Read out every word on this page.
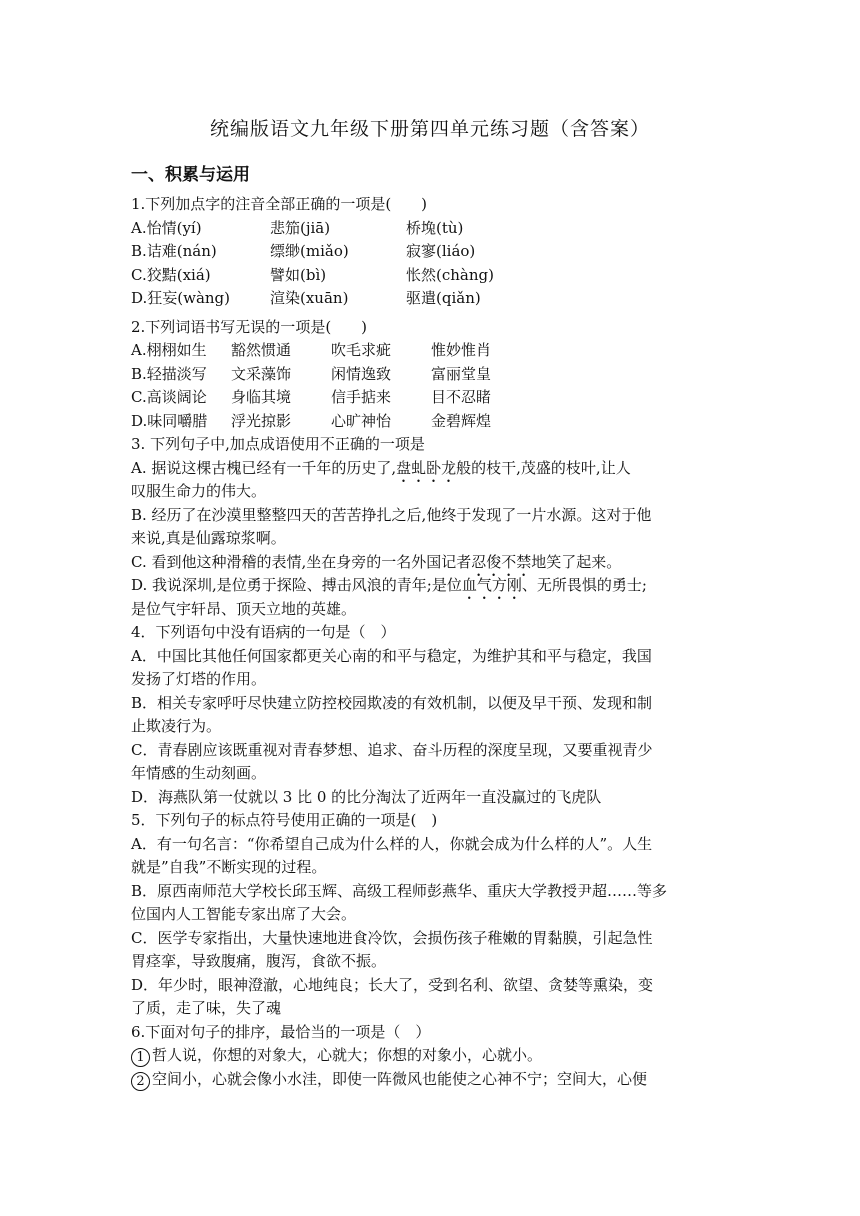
统编版语文九年级下册第四单元练习题（含答案）
一、积累与运用
1.下列加点字的注音全部正确的一项是(　　)
A.怡情(yí)	悲笳(jiā)	桥堍(tù)
B.诘难(nán)	缥缈(miǎo)	寂寥(liáo)
C.狡黠(xiá)	譬如(bì)	怅然(chàng)
D.狂妄(wàng)	渲染(xuān)	驱遣(qiǎn)
2.下列词语书写无误的一项是(　　)
A.栩栩如生	豁然惯通	吹毛求疵	惟妙惟肖
B.轻描淡写	文采藻饰	闲情逸致	富丽堂皇
C.高谈阔论	身临其境	信手掂来	目不忍睹
D.味同嚼腊	浮光掠影	心旷神怡	金碧辉煌
3. 下列句子中,加点成语使用不正确的一项是
A. 据说这棵古槐已经有一千年的历史了,盘虬卧龙般的枝干,茂盛的枝叶,让人
叹服生命力的伟大。
B. 经历了在沙漠里整整四天的苦苦挣扎之后,他终于发现了一片水源。这对于他
来说,真是仙露琼浆啊。
C. 看到他这种滑稽的表情,坐在身旁的一名外国记者忍俊不禁地笑了起来。
D. 我说深圳,是位勇于探险、搏击风浪的青年;是位血气方刚、无所畏惧的勇士;
是位气宇轩昂、顶天立地的英雄。
4．下列语句中没有语病的一句是（　）
A．中国比其他任何国家都更关心南的和平与稳定，为维护其和平与稳定，我国
发扬了灯塔的作用。
B．相关专家呼吁尽快建立防控校园欺凌的有效机制，以便及早干预、发现和制
止欺凌行为。
C．青春剧应该既重视对青春梦想、追求、奋斗历程的深度呈现，又要重视青少
年情感的生动刻画。
D．海燕队第一仗就以 3 比 0 的比分淘汰了近两年一直没赢过的飞虎队
5．下列句子的标点符号使用正确的一项是(　)
A．有一句名言：“你希望自己成为什么样的人，你就会成为什么样的人”。人生
就是”自我”不断实现的过程。
B．原西南师范大学校长邱玉辉、高级工程师彭燕华、重庆大学教授尹超……等多
位国内人工智能专家出席了大会。
C．医学专家指出，大量快速地进食冷饮，会损伤孩子稚嫩的胃黏膜，引起急性
胃痉挛，导致腹痛，腹泻，食欲不振。
D．年少时，眼神澄澈，心地纯良；长大了，受到名利、欲望、贪婪等熏染，变
了质，走了味，失了魂
6.下面对句子的排序，最恰当的一项是（　）
1 哲人说，你想的对象大，心就大；你想的对象小，心就小。
2 空间小，心就会像小水洼，即使一阵微风也能使之心神不宁；空间大，心便
